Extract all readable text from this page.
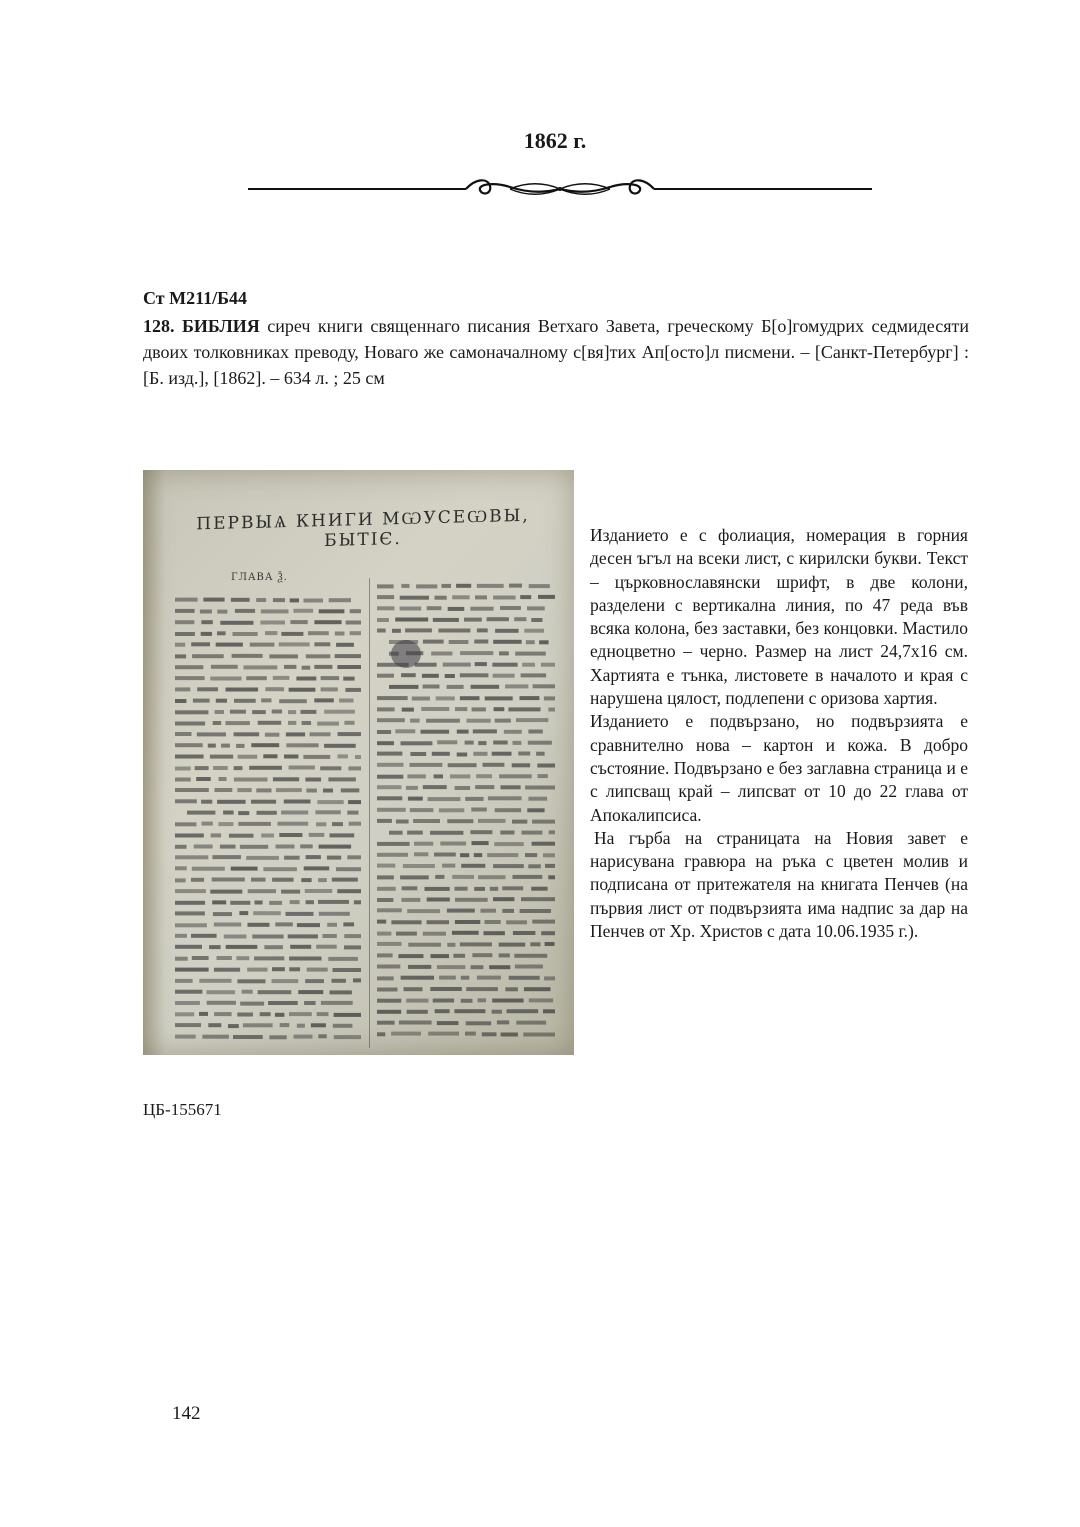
1862 г.
Ст М211/Б44
128. БИБЛИЯ сиреч книги священнаго писания Ветхаго Завета, греческому Б[о]гомудрих седмидесяти двоих толковниках преводу, Новаго же самоначалному с[вя]тих Ап[осто]л писмени. – [Санкт-Петербург] : [Б. изд.], [1862]. – 634 л. ; 25 см
ПЕРВЫѦ КНИГИ МѠУСЕѠВЫ, БЫТІЄ.
ГЛАВА Ѯ.

Изданието е с фолиация, номерация в горния десен ъгъл на всеки лист, с кирилски букви. Текст – църковнославянски шрифт, в две колони, разделени с вертикална линия, по 47 реда във всяка колона, без заставки, без концовки. Мастило едноцветно – черно. Размер на лист 24,7х16 см. Хартията е тънка, листовете в началото и края с нарушена цялост, подлепени с оризова хартия.

Изданието е подвързано, но подвързията е сравнително нова – картон и кожа. В добро състояние. Подвързано е без заглавна страница и е с липсващ край – липсват от 10 до 22 глава от Апокалипсиса.

На гърба на страницата на Новия завет е нарисувана гравюра на ръка с цветен молив и подписана от притежателя на книгата Пенчев (на първия лист от подвързията има надпис за дар на Пенчев от Хр. Христов с дата 10.06.1935 г.).

ЦБ-155671
142
